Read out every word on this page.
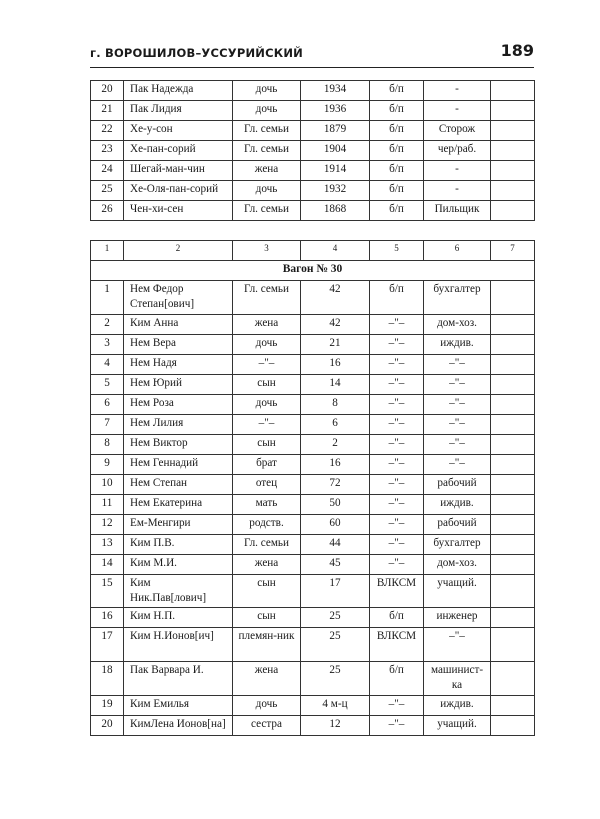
г. ВОРОШИЛОВ–УССУРИЙСКИЙ	189
20	Пак Надежда	дочь	1934	б/п	-	
21	Пак Лидия	дочь	1936	б/п	-	
22	Хе-у-сон	Гл. семьи	1879	б/п	Сторож	
23	Хе-пан-сорий	Гл. семьи	1904	б/п	чер/раб.	
24	Шегай-ман-чин	жена	1914	б/п	-	
25	Хе-Оля-пан-сорий	дочь	1932	б/п	-	
26	Чен-хи-сен	Гл. семьи	1868	б/п	Пильщик	
1	2	3	4	5	6	7
Вагон № 30						
1	Нем Федор Степан[ович]	Гл. семьи	42	б/п	бухгалтер	
2	Ким Анна	жена	42	–"–	дом-хоз.	
3	Нем Вера	дочь	21	–"–	иждив.	
4	Нем Надя	–"–	16	–"–	–"–	
5	Нем Юрий	сын	14	–"–	–"–	
6	Нем Роза	дочь	8	–"–	–"–	
7	Нем Лилия	–"–	6	–"–	–"–	
8	Нем Виктор	сын	2	–"–	–"–	
9	Нем Геннадий	брат	16	–"–	–"–	
10	Нем Степан	отец	72	–"–	рабочий	
11	Нем Екатерина	мать	50	–"–	иждив.	
12	Ем-Менгири	родств.	60	–"–	рабочий	
13	Ким П.В.	Гл. семьи	44	–"–	бухгалтер	
14	Ким М.И.	жена	45	–"–	дом-хоз.	
15	Ким Ник.Пав[лович]	сын	17	ВЛКСМ	учащий.	
16	Ким Н.П.	сын	25	б/п	инженер	
17	Ким Н.Ионов[ич]	племян-ник	25	ВЛКСМ	–"–	
18	Пак Варвара И.	жена	25	б/п	машинист-ка	
19	Ким Емилья	дочь	4 м-ц	–"–	иждив.	
20	КимЛена Ионов[на]	сестра	12	–"–	учащий.	
